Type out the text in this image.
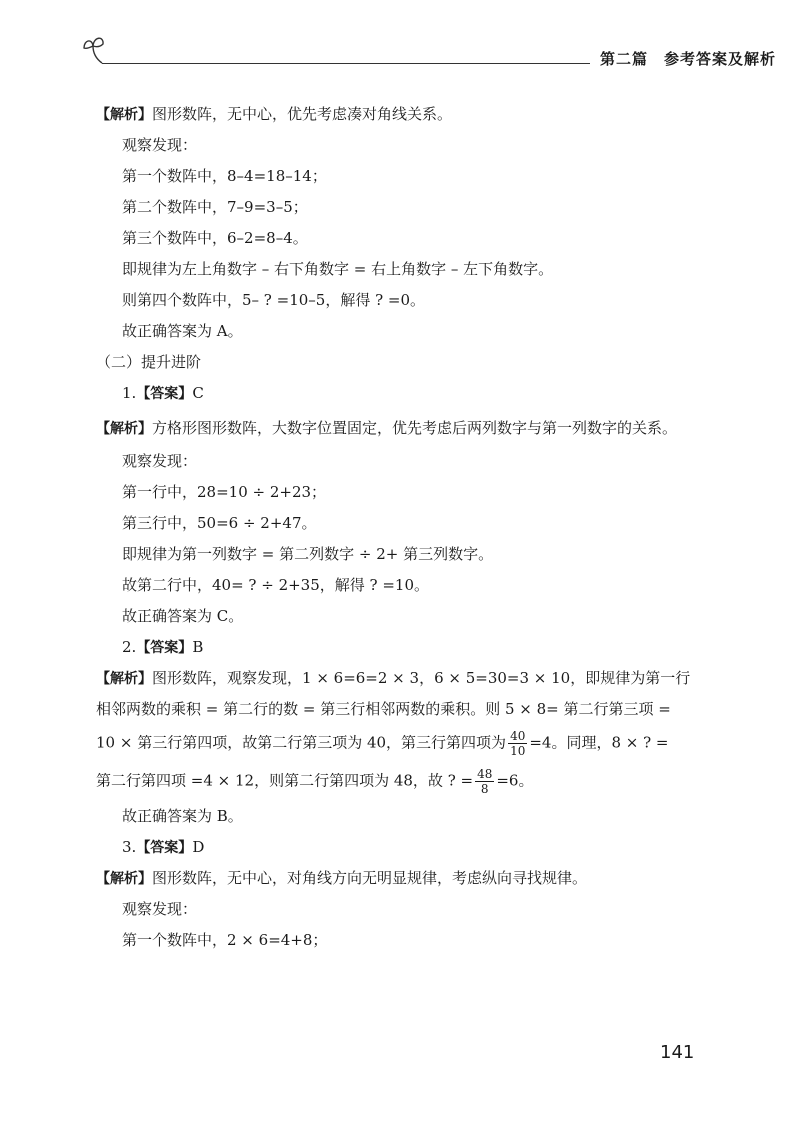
第二篇　参考答案及解析
【解析】图形数阵，无中心，优先考虑凑对角线关系。
观察发现：
第一个数阵中，8–4=18–14；
第二个数阵中，7–9=3–5；
第三个数阵中，6–2=8–4。
即规律为左上角数字 – 右下角数字 = 右上角数字 – 左下角数字。
则第四个数阵中，5– ? =10–5，解得 ? =0。
故正确答案为 A。
（二）提升进阶
1.【答案】C
【解析】方格形图形数阵，大数字位置固定，优先考虑后两列数字与第一列数字的关系。
观察发现：
第一行中，28=10 ÷ 2+23；
第三行中，50=6 ÷ 2+47。
即规律为第一列数字 = 第二列数字 ÷ 2+ 第三列数字。
故第二行中，40= ? ÷ 2+35，解得 ? =10。
故正确答案为 C。
2.【答案】B
【解析】图形数阵，观察发现，1 × 6=6=2 × 3，6 × 5=30=3 × 10，即规律为第一行
相邻两数的乘积 = 第二行的数 = 第三行相邻两数的乘积。则 5 × 8= 第二行第三项 =
10 × 第三行第四项，故第二行第三项为 40，第三行第四项为 $\frac{40}{10} =4$。同理，8 × ? =
第二行第四项 =4 × 12，则第二行第四项为 48，故 ? = $\frac{48}{8} =6$。
故正确答案为 B。
3.【答案】D
【解析】图形数阵，无中心，对角线方向无明显规律，考虑纵向寻找规律。
观察发现：
第一个数阵中，2 × 6=4+8；
141
